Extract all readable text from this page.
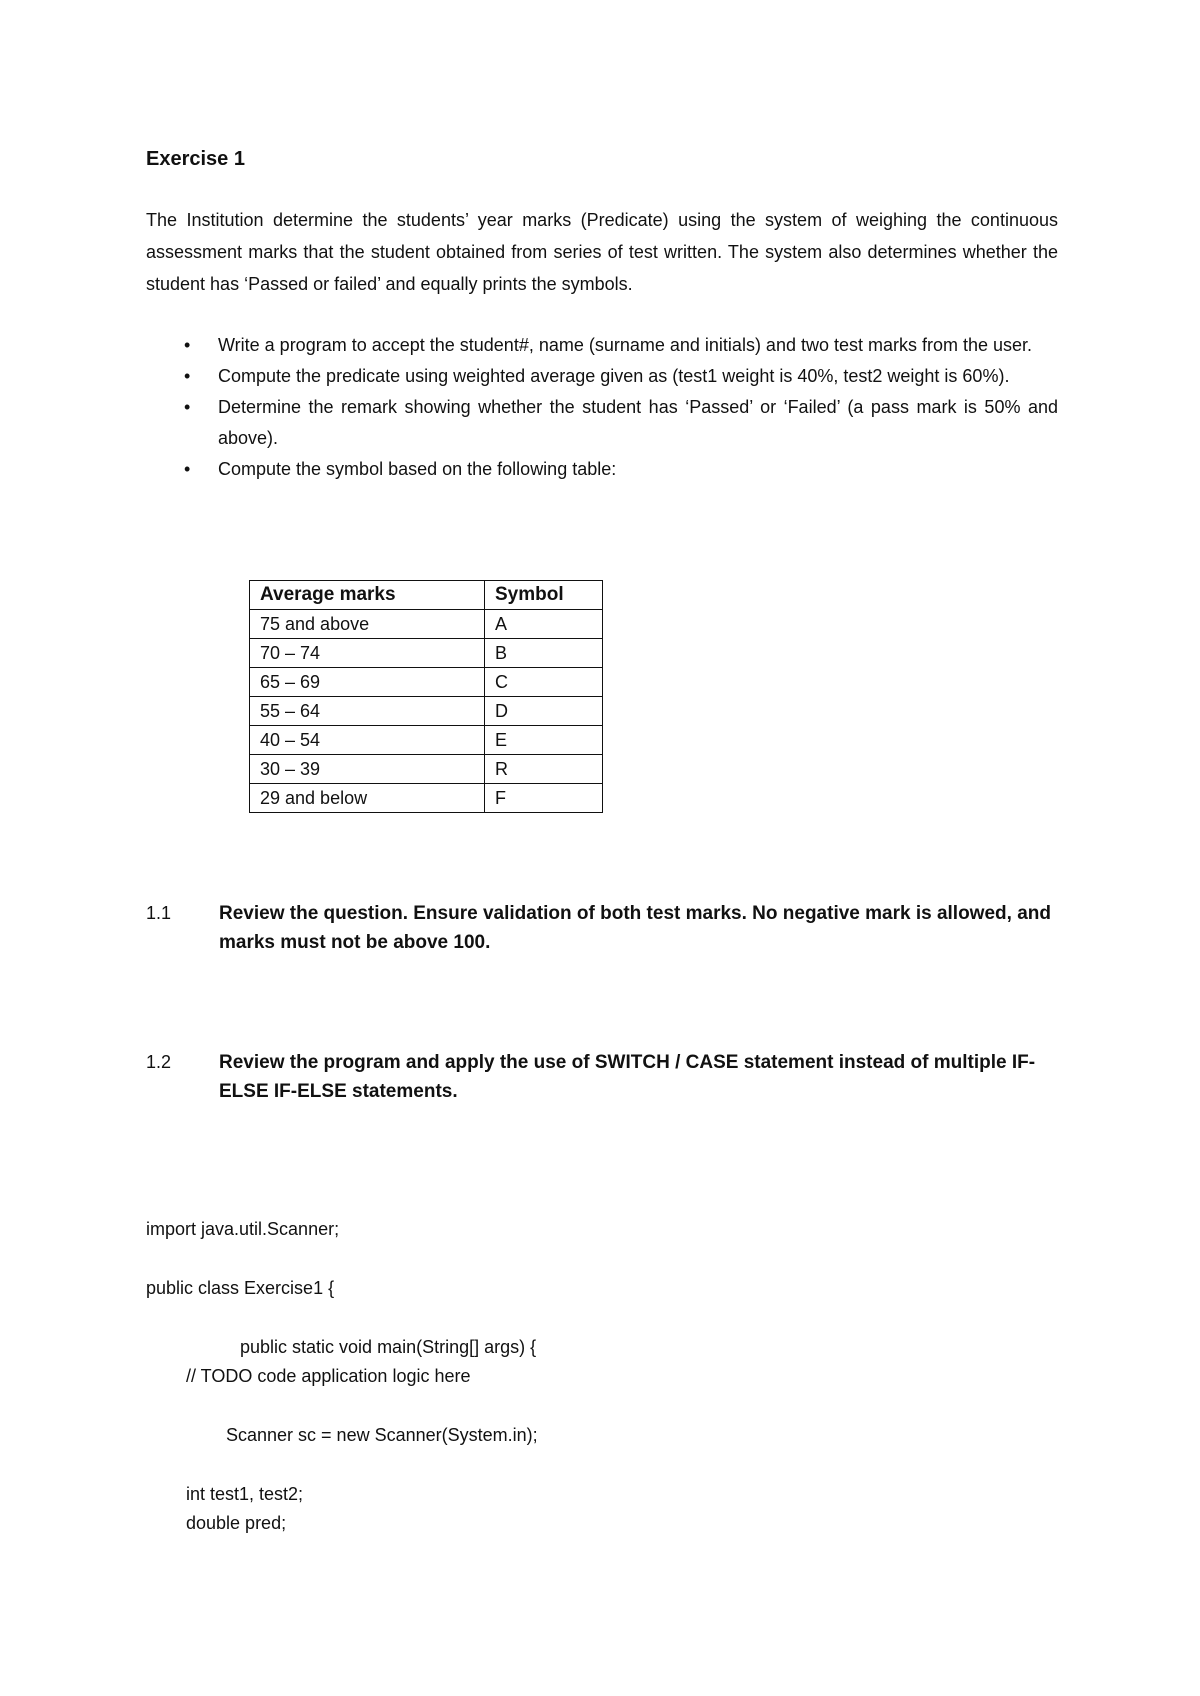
Exercise 1

The Institution determine the students’ year marks (Predicate) using the system of weighing the continuous assessment marks that the student obtained from series of test written. The system also determines whether the student has ‘Passed or failed’ and equally prints the symbols.

• Write a program to accept the student#, name (surname and initials) and two test marks from the user.
• Compute the predicate using weighted average given as (test1 weight is 40%, test2 weight is 60%).
• Determine the remark showing whether the student has ‘Passed’ or ‘Failed’ (a pass mark is 50% and above).
• Compute the symbol based on the following table:
Average marks	Symbol
75 and above	A
70 – 74	B
65 – 69	C
55 – 64	D
40 – 54	E
30 – 39	R
29 and below	F
1.1	Review the question. Ensure validation of both test marks. No negative mark is allowed, and marks must not be above 100.
1.2	Review the program and apply the use of SWITCH / CASE statement instead of multiple IF-ELSE IF-ELSE statements.
import java.util.Scanner;
public class Exercise1 {
public static void main(String[] args) {
// TODO code application logic here
Scanner sc = new Scanner(System.in);
int test1, test2;
double pred;
